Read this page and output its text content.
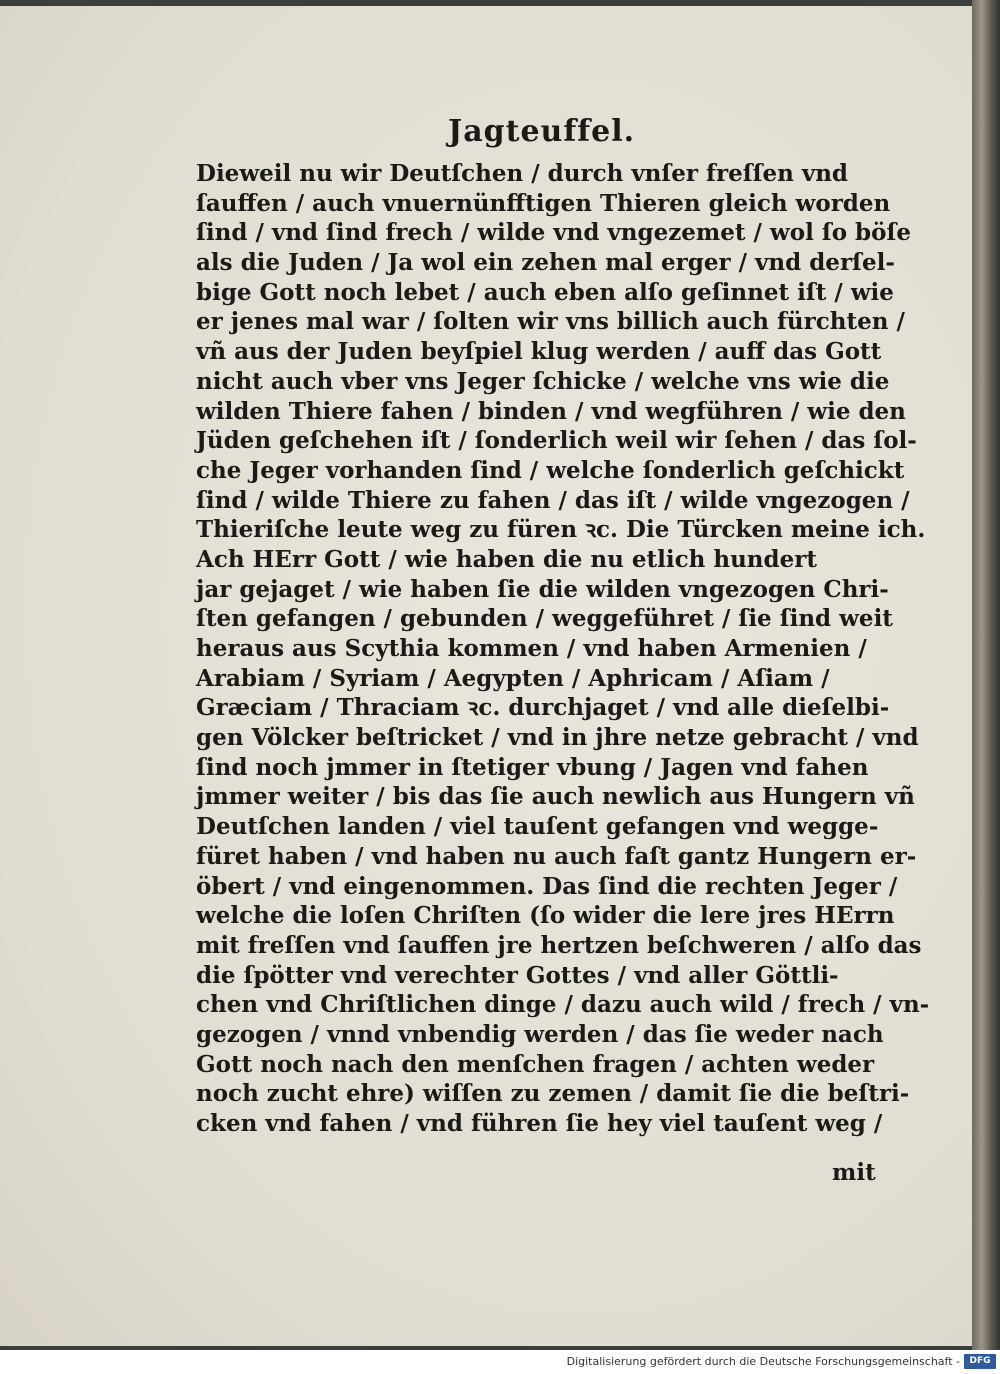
Jagteuffel.
Dieweil nu wir Deutſchen / durch vnſer freſſen vnd
ſauffen / auch vnuernünfftigen Thieren gleich worden
ſind / vnd ſind frech / wilde vnd vngezemet / wol ſo böſe
als die Juden / Ja wol ein zehen mal erger / vnd derſel-
bige Gott noch lebet / auch eben alſo geſinnet iſt / wie
er jenes mal war / ſolten wir vns billich auch fürchten /
vñ aus der Juden beyſpiel klug werden / auff das Gott
nicht auch vber vns Jeger ſchicke / welche vns wie die
wilden Thiere fahen / binden / vnd wegführen / wie den
Jüden geſchehen iſt / ſonderlich weil wir ſehen / das ſol-
che Jeger vorhanden ſind / welche ſonderlich geſchickt
ſind / wilde Thiere zu fahen / das iſt / wilde vngezogen /
Thieriſche leute weg zu füren ꝛc. Die Türcken meine ich.
Ach HErr Gott / wie haben die nu etlich hundert
jar gejaget / wie haben ſie die wilden vngezogen Chri-
ſten gefangen / gebunden / weggeführet / ſie ſind weit
heraus aus Scythia kommen / vnd haben Armenien /
Arabiam / Syriam / Aegypten / Aphricam / Aſiam /
Græciam / Thraciam ꝛc. durchjaget / vnd alle dieſelbi-
gen Völcker beſtricket / vnd in jhre netze gebracht / vnd
ſind noch jmmer in ſtetiger vbung / Jagen vnd fahen
jmmer weiter / bis das ſie auch newlich aus Hungern vñ
Deutſchen landen / viel tauſent gefangen vnd wegge-
füret haben / vnd haben nu auch faſt gantz Hungern er-
öbert / vnd eingenommen. Das ſind die rechten Jeger /
welche die loſen Chriſten (ſo wider die lere jres HErrn
mit freſſen vnd ſauffen jre hertzen beſchweren / alſo das
die ſpötter vnd verechter Gottes / vnd aller Göttli-
chen vnd Chriſtlichen dinge / dazu auch wild / frech / vn-
gezogen / vnnd vnbendig werden / das ſie weder nach
Gott noch nach den menſchen fragen / achten weder
noch zucht ehre) wiſſen zu zemen / damit ſie die beſtri-
cken vnd fahen / vnd führen ſie hey viel tauſent weg /
mit
Digitalisierung gefördert durch die Deutsche Forschungsgemeinschaft -	DFG
